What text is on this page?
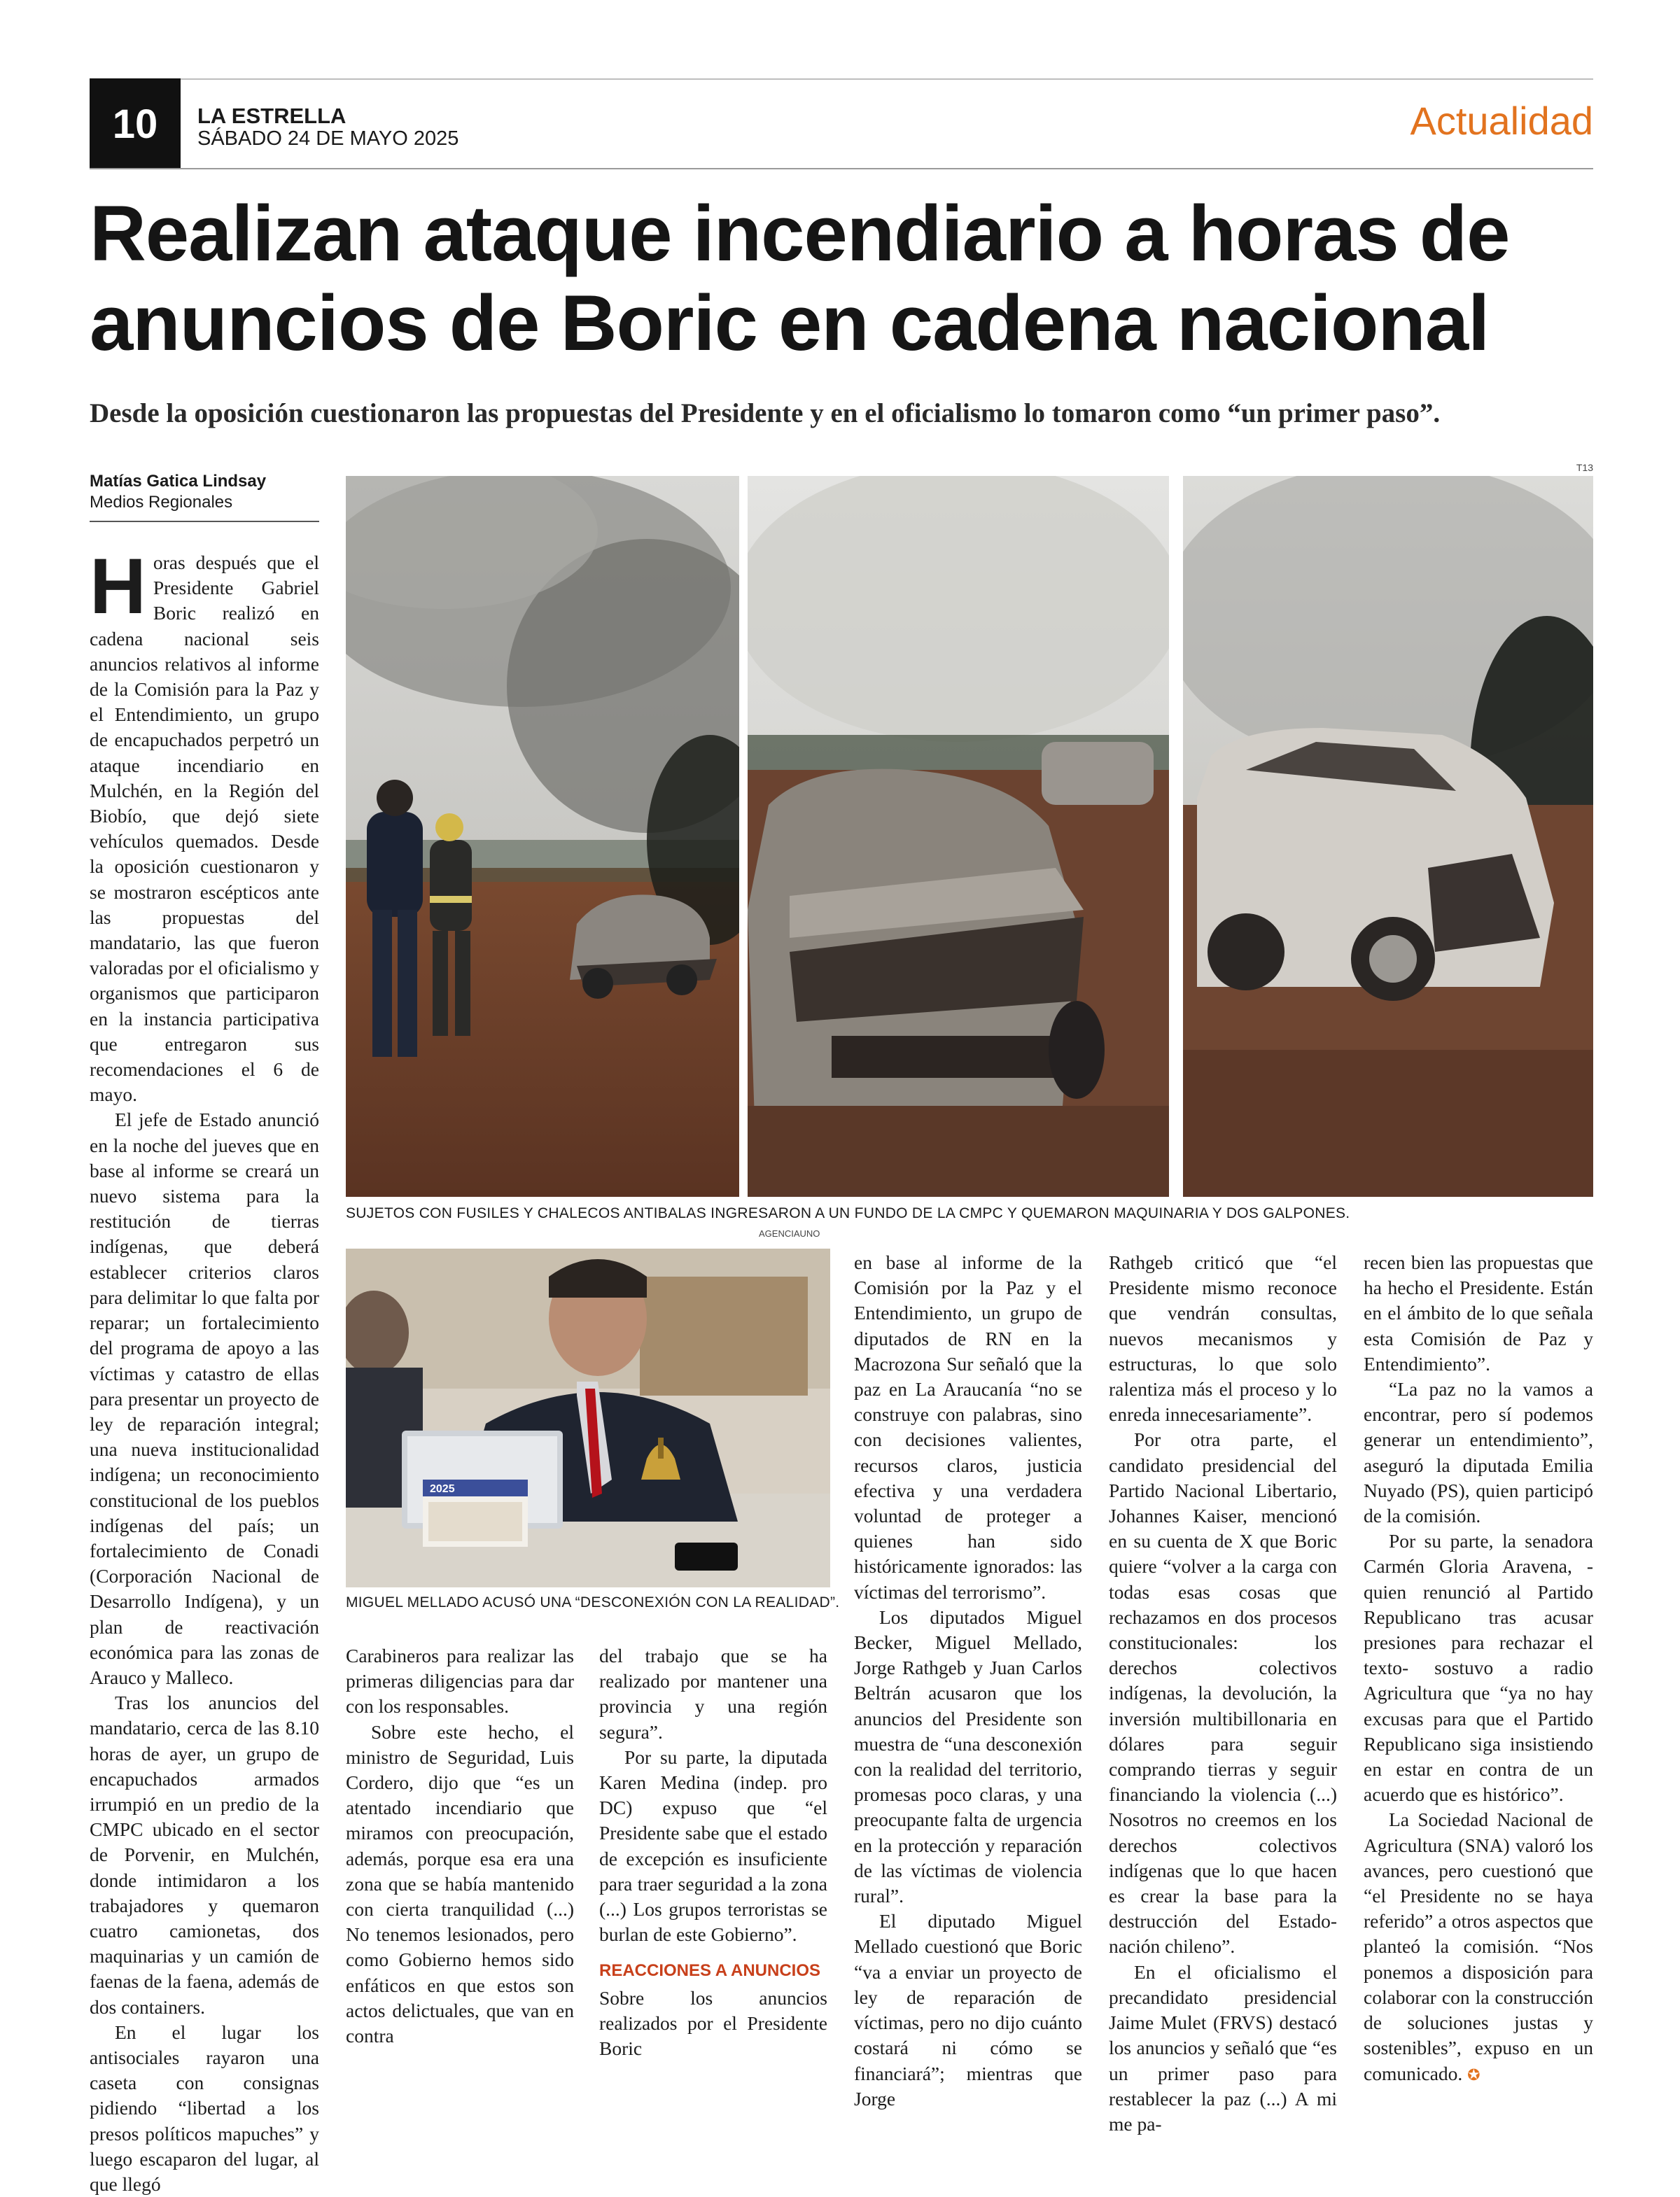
10	LA ESTRELLA
SÁBADO 24 DE MAYO 2025	Actualidad
Realizan ataque incendiario a horas de
anuncios de Boric en cadena nacional
Desde la oposición cuestionaron las propuestas del Presidente y en el oficialismo lo tomaron como “un primer paso”.
Matías Gatica Lindsay
Medios Regionales
T13
SUJETOS CON FUSILES Y CHALECOS ANTIBALAS INGRESARON A UN FUNDO DE LA CMPC Y QUEMARON MAQUINARIA Y DOS GALPONES.
AGENCIAUNO
2025
MIGUEL MELLADO ACUSÓ UNA “DESCONEXIÓN CON LA REALIDAD”.

Horas después que el Presidente Gabriel Boric realizó en cadena nacional seis anuncios relativos al informe de la Comisión para la Paz y el Entendimiento, un grupo de encapuchados perpetró un ataque incendiario en Mulchén, en la Región del Biobío, que dejó siete vehículos quemados. Desde la oposición cuestionaron y se mostraron escépticos ante las propuestas del mandatario, las que fueron valoradas por el oficialismo y organismos que participaron en la instancia participativa que entregaron sus recomendaciones el 6 de mayo.

El jefe de Estado anunció en la noche del jueves que en base al informe se creará un nuevo sistema para la restitución de tierras indígenas, que deberá establecer criterios claros para delimitar lo que falta por reparar; un fortalecimiento del programa de apoyo a las víctimas y catastro de ellas para presentar un proyecto de ley de reparación integral; una nueva institucionalidad indígena; un reconocimiento constitucional de los pueblos indígenas del país; un fortalecimiento de Conadi (Corporación Nacional de Desarrollo Indígena), y un plan de reactivación económica para las zonas de Arauco y Malleco.

Tras los anuncios del mandatario, cerca de las 8.10 horas de ayer, un grupo de encapuchados armados irrumpió en un predio de la CMPC ubicado en el sector de Porvenir, en Mulchén, donde intimidaron a los trabajadores y quemaron cuatro camionetas, dos maquinarias y un camión de faenas de la faena, además de dos containers.

En el lugar los antisociales rayaron una caseta con consignas pidiendo “libertad a los presos políticos mapuches” y luego escaparon del lugar, al que llegó

Carabineros para realizar las primeras diligencias para dar con los responsables.

Sobre este hecho, el ministro de Seguridad, Luis Cordero, dijo que “es un atentado incendiario que miramos con preocupación, además, porque esa era una zona que se había mantenido con cierta tranquilidad (...) No tenemos lesionados, pero como Gobierno hemos sido enfáticos en que estos son actos delictuales, que van en contra

del trabajo que se ha realizado por mantener una provincia y una región segura”.

Por su parte, la diputada Karen Medina (indep. pro DC) expuso que “el Presidente sabe que el estado de excepción es insuficiente para traer seguridad a la zona (...) Los grupos terroristas se burlan de este Gobierno”.

REACCIONES A ANUNCIOS

Sobre los anuncios realizados por el Presidente Boric

en base al informe de la Comisión por la Paz y el Entendimiento, un grupo de diputados de RN en la Macrozona Sur señaló que la paz en La Araucanía “no se construye con palabras, sino con decisiones valientes, recursos claros, justicia efectiva y una verdadera voluntad de proteger a quienes han sido históricamente ignorados: las víctimas del terrorismo”.

Los diputados Miguel Becker, Miguel Mellado, Jorge Rathgeb y Juan Carlos Beltrán acusaron que los anuncios del Presidente son muestra de “una desconexión con la realidad del territorio, promesas poco claras, y una preocupante falta de urgencia en la protección y reparación de las víctimas de violencia rural”.

El diputado Miguel Mellado cuestionó que Boric “va a enviar un proyecto de ley de reparación de víctimas, pero no dijo cuánto costará ni cómo se financiará”; mientras que Jorge

Rathgeb criticó que “el Presidente mismo reconoce que vendrán consultas, nuevos mecanismos y estructuras, lo que solo ralentiza más el proceso y lo enreda innecesariamente”.

Por otra parte, el candidato presidencial del Partido Nacional Libertario, Johannes Kaiser, mencionó en su cuenta de X que Boric quiere “volver a la carga con todas esas cosas que rechazamos en dos procesos constitucionales: los derechos colectivos indígenas, la devolución, la inversión multibillonaria en dólares para seguir comprando tierras y seguir financiando la violencia (...) Nosotros no creemos en los derechos colectivos indígenas que lo que hacen es crear la base para la destrucción del Estado-nación chileno”.

En el oficialismo el precandidato presidencial Jaime Mulet (FRVS) destacó los anuncios y señaló que “es un primer paso para restablecer la paz (...) A mi me pa-

recen bien las propuestas que ha hecho el Presidente. Están en el ámbito de lo que señala esta Comisión de Paz y Entendimiento”.

“La paz no la vamos a encontrar, pero sí podemos generar un entendimiento”, aseguró la diputada Emilia Nuyado (PS), quien participó de la comisión.

Por su parte, la senadora Carmén Gloria Aravena, - quien renunció al Partido Republicano tras acusar presiones para rechazar el texto- sostuvo a radio Agricultura que “ya no hay excusas para que el Partido Republicano siga insistiendo en estar en contra de un acuerdo que es histórico”.

La Sociedad Nacional de Agricultura (SNA) valoró los avances, pero cuestionó que “el Presidente no se haya referido” a otros aspectos que planteó la comisión. “Nos ponemos a disposición para colaborar con la construcción de soluciones justas y sostenibles”, expuso en un comunicado. ✪
